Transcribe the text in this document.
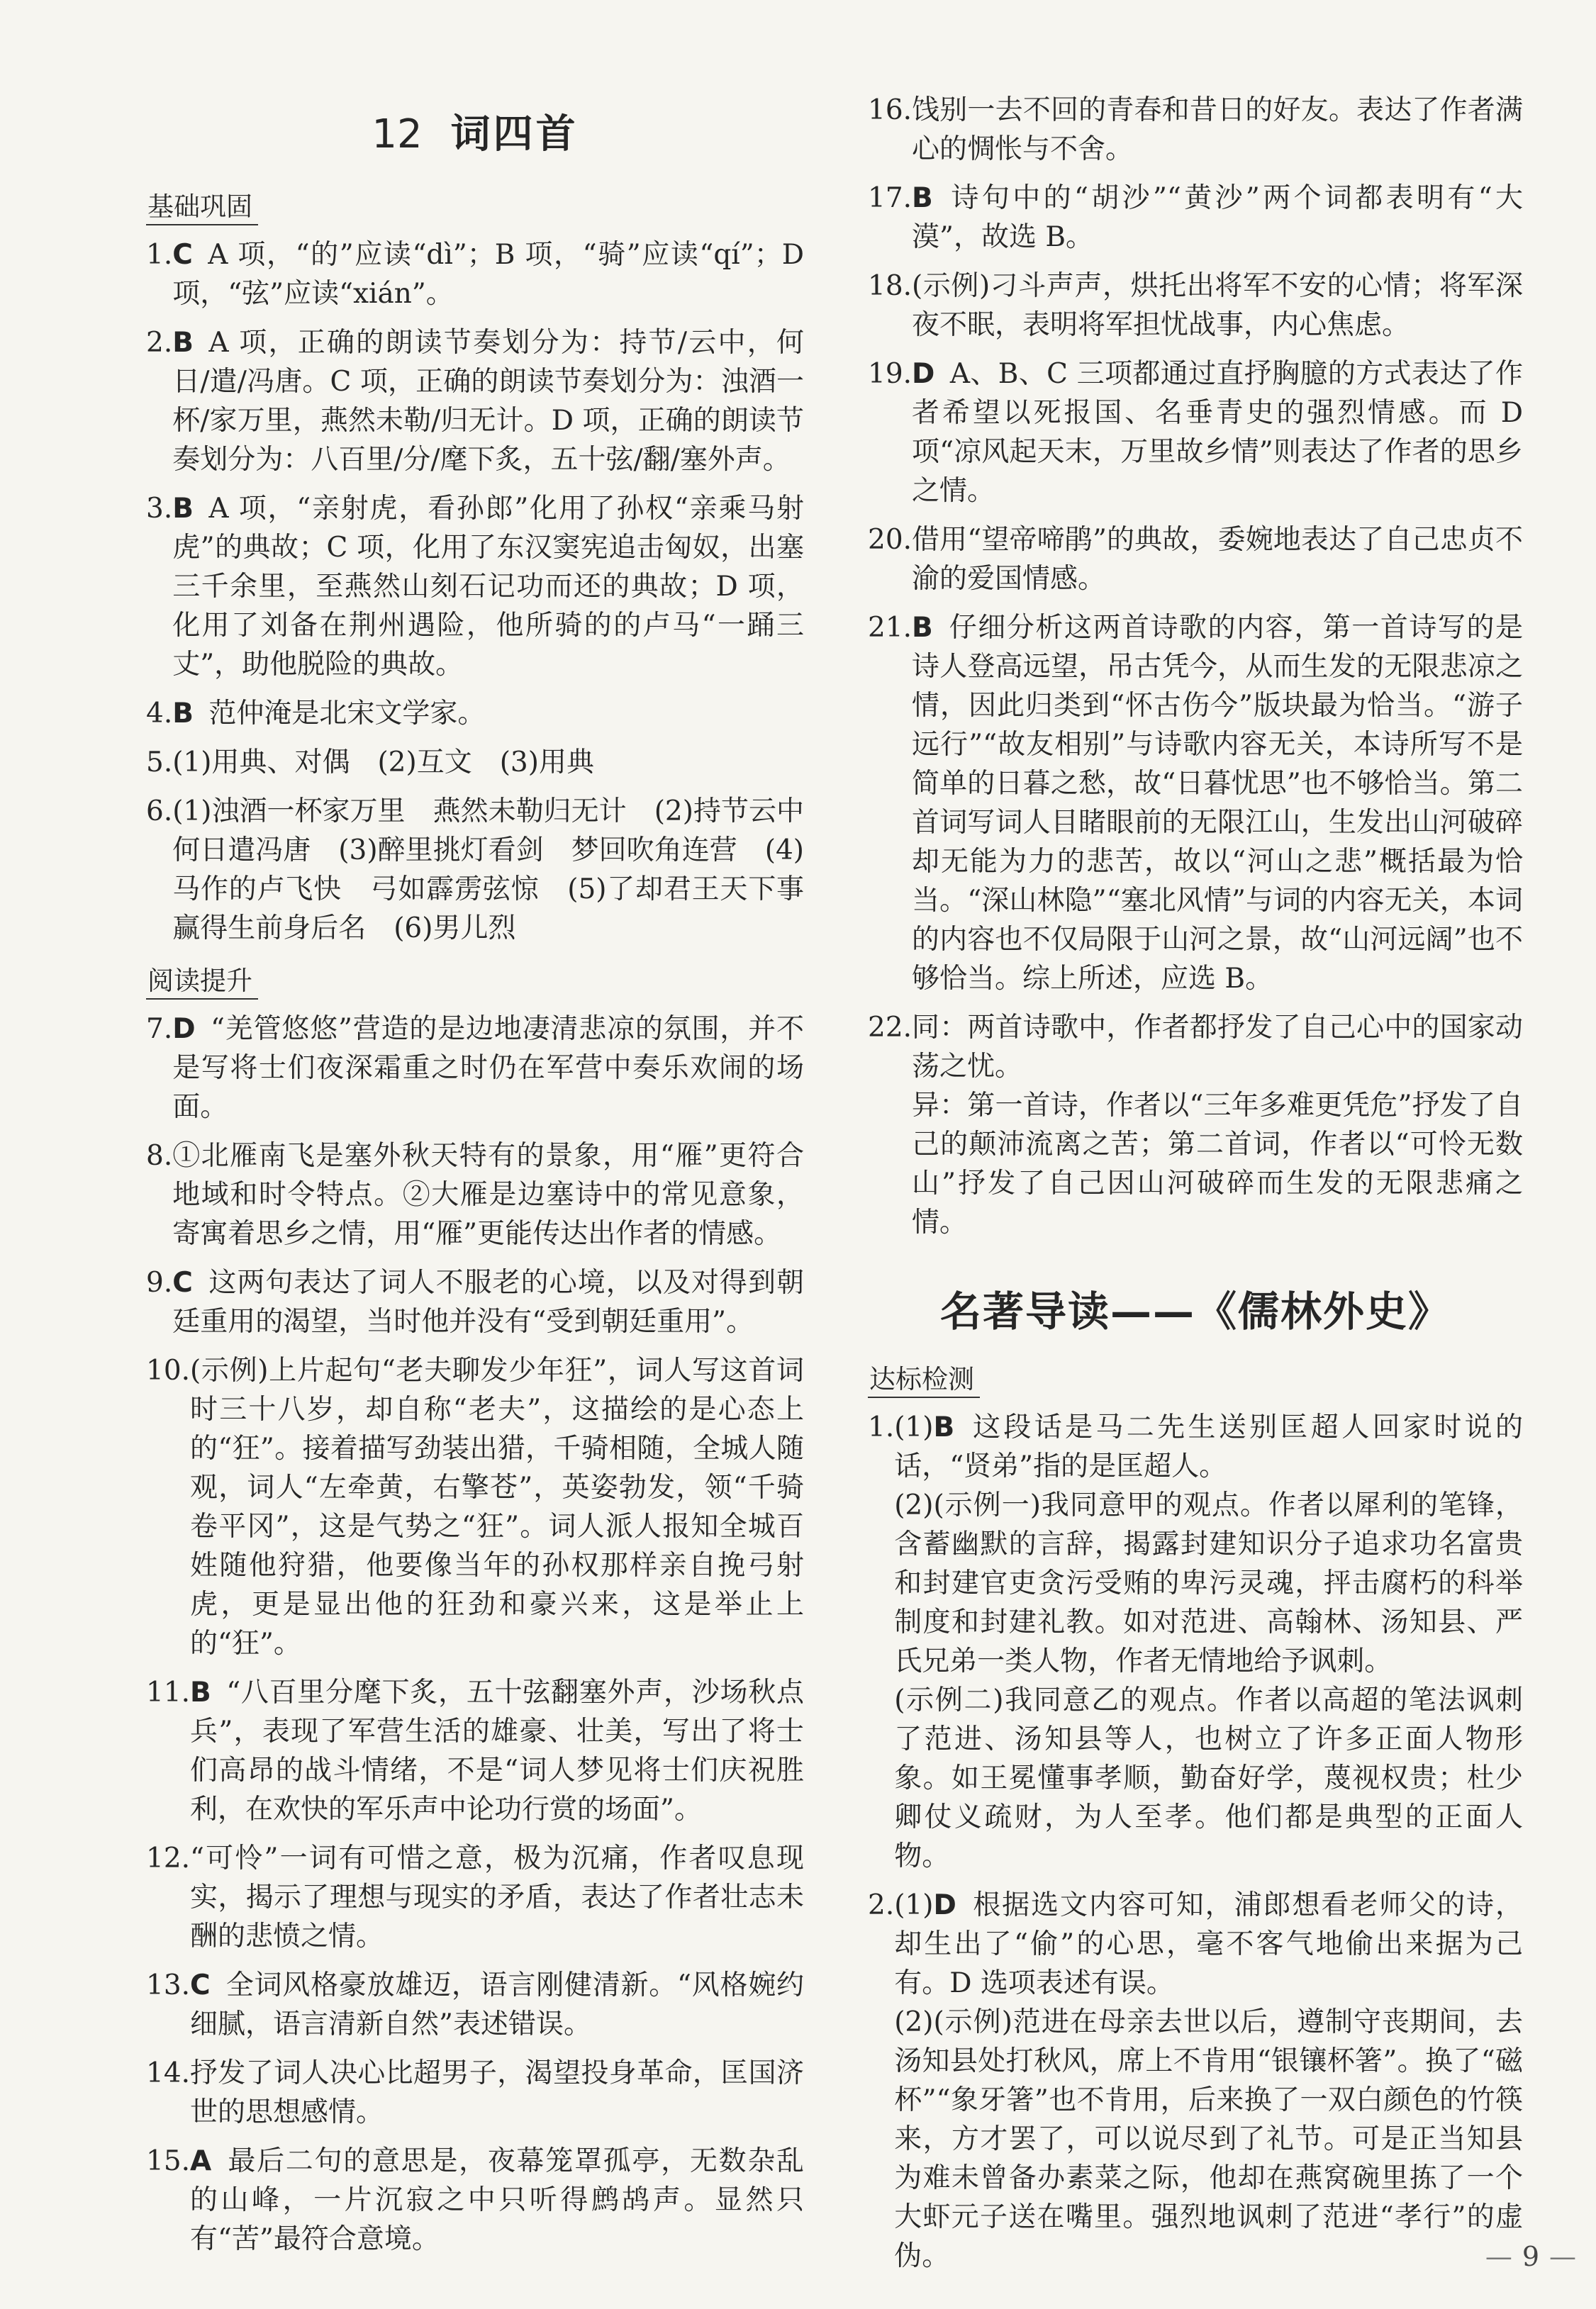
12 词四首
基础巩固
1. C A 项，“的”应读“dì”；B 项，“骑”应读“qí”；D 项，“弦”应读“xián”。
2. B A 项，正确的朗读节奏划分为：持节/云中，何日/遣/冯唐。C 项，正确的朗读节奏划分为：浊酒一杯/家万里，燕然未勒/归无计。D 项，正确的朗读节奏划分为：八百里/分/麾下炙，五十弦/翻/塞外声。
3. B A 项，“亲射虎，看孙郎”化用了孙权“亲乘马射虎”的典故；C 项，化用了东汉窦宪追击匈奴，出塞三千余里，至燕然山刻石记功而还的典故；D 项，化用了刘备在荆州遇险，他所骑的的卢马“一踊三丈”，助他脱险的典故。
4. B 范仲淹是北宋文学家。
5. (1)用典、对偶　(2)互文　(3)用典
6. (1)浊酒一杯家万里　燕然未勒归无计　(2)持节云中何日遣冯唐　(3)醉里挑灯看剑　梦回吹角连营　(4)马作的卢飞快　弓如霹雳弦惊　(5)了却君王天下事　赢得生前身后名　(6)男儿烈
阅读提升
7. D “羌管悠悠”营造的是边地凄清悲凉的氛围，并不是写将士们夜深霜重之时仍在军营中奏乐欢闹的场面。
8. ①北雁南飞是塞外秋天特有的景象，用“雁”更符合地域和时令特点。②大雁是边塞诗中的常见意象，寄寓着思乡之情，用“雁”更能传达出作者的情感。
9. C 这两句表达了词人不服老的心境，以及对得到朝廷重用的渴望，当时他并没有“受到朝廷重用”。
10. (示例)上片起句“老夫聊发少年狂”，词人写这首词时三十八岁，却自称“老夫”，这描绘的是心态上的“狂”。接着描写劲装出猎，千骑相随，全城人随观，词人“左牵黄，右擎苍”，英姿勃发，领“千骑卷平冈”，这是气势之“狂”。词人派人报知全城百姓随他狩猎，他要像当年的孙权那样亲自挽弓射虎，更是显出他的狂劲和豪兴来，这是举止上的“狂”。
11. B “八百里分麾下炙，五十弦翻塞外声，沙场秋点兵”，表现了军营生活的雄豪、壮美，写出了将士们高昂的战斗情绪，不是“词人梦见将士们庆祝胜利，在欢快的军乐声中论功行赏的场面”。
12. “可怜”一词有可惜之意，极为沉痛，作者叹息现实，揭示了理想与现实的矛盾，表达了作者壮志未酬的悲愤之情。
13. C 全词风格豪放雄迈，语言刚健清新。“风格婉约细腻，语言清新自然”表述错误。
14. 抒发了词人决心比超男子，渴望投身革命，匡国济世的思想感情。
15. A 最后二句的意思是，夜幕笼罩孤亭，无数杂乱的山峰，一片沉寂之中只听得鹧鸪声。显然只有“苦”最符合意境。
16. 饯别一去不回的青春和昔日的好友。表达了作者满心的惆怅与不舍。
17. B 诗句中的“胡沙”“黄沙”两个词都表明有“大漠”，故选 B。
18. (示例)刁斗声声，烘托出将军不安的心情；将军深夜不眠，表明将军担忧战事，内心焦虑。
19. D A、B、C 三项都通过直抒胸臆的方式表达了作者希望以死报国、名垂青史的强烈情感。而 D 项“凉风起天末，万里故乡情”则表达了作者的思乡之情。
20. 借用“望帝啼鹃”的典故，委婉地表达了自己忠贞不渝的爱国情感。
21. B 仔细分析这两首诗歌的内容，第一首诗写的是诗人登高远望，吊古凭今，从而生发的无限悲凉之情，因此归类到“怀古伤今”版块最为恰当。“游子远行”“故友相别”与诗歌内容无关，本诗所写不是简单的日暮之愁，故“日暮忧思”也不够恰当。第二首词写词人目睹眼前的无限江山，生发出山河破碎却无能为力的悲苦，故以“河山之悲”概括最为恰当。“深山林隐”“塞北风情”与词的内容无关，本词的内容也不仅局限于山河之景，故“山河远阔”也不够恰当。综上所述，应选 B。
22. 同：两首诗歌中，作者都抒发了自己心中的国家动荡之忧。
异：第一首诗，作者以“三年多难更凭危”抒发了自己的颠沛流离之苦；第二首词，作者以“可怜无数山”抒发了自己因山河破碎而生发的无限悲痛之情。
名著导读——《儒林外史》
达标检测
1. (1)B 这段话是马二先生送别匡超人回家时说的话，“贤弟”指的是匡超人。
(2)(示例一)我同意甲的观点。作者以犀利的笔锋，含蓄幽默的言辞，揭露封建知识分子追求功名富贵和封建官吏贪污受贿的卑污灵魂，抨击腐朽的科举制度和封建礼教。如对范进、高翰林、汤知县、严氏兄弟一类人物，作者无情地给予讽刺。
(示例二)我同意乙的观点。作者以高超的笔法讽刺了范进、汤知县等人，也树立了许多正面人物形象。如王冕懂事孝顺，勤奋好学，蔑视权贵；杜少卿仗义疏财，为人至孝。他们都是典型的正面人物。
2. (1)D 根据选文内容可知，浦郎想看老师父的诗，却生出了“偷”的心思，毫不客气地偷出来据为己有。D 选项表述有误。
(2)(示例)范进在母亲去世以后，遵制守丧期间，去汤知县处打秋风，席上不肯用“银镶杯箸”。换了“磁杯”“象牙箸”也不肯用，后来换了一双白颜色的竹筷来，方才罢了，可以说尽到了礼节。可是正当知县为难未曾备办素菜之际，他却在燕窝碗里拣了一个大虾元子送在嘴里。强烈地讽刺了范进“孝行”的虚伪。	— 9 —
